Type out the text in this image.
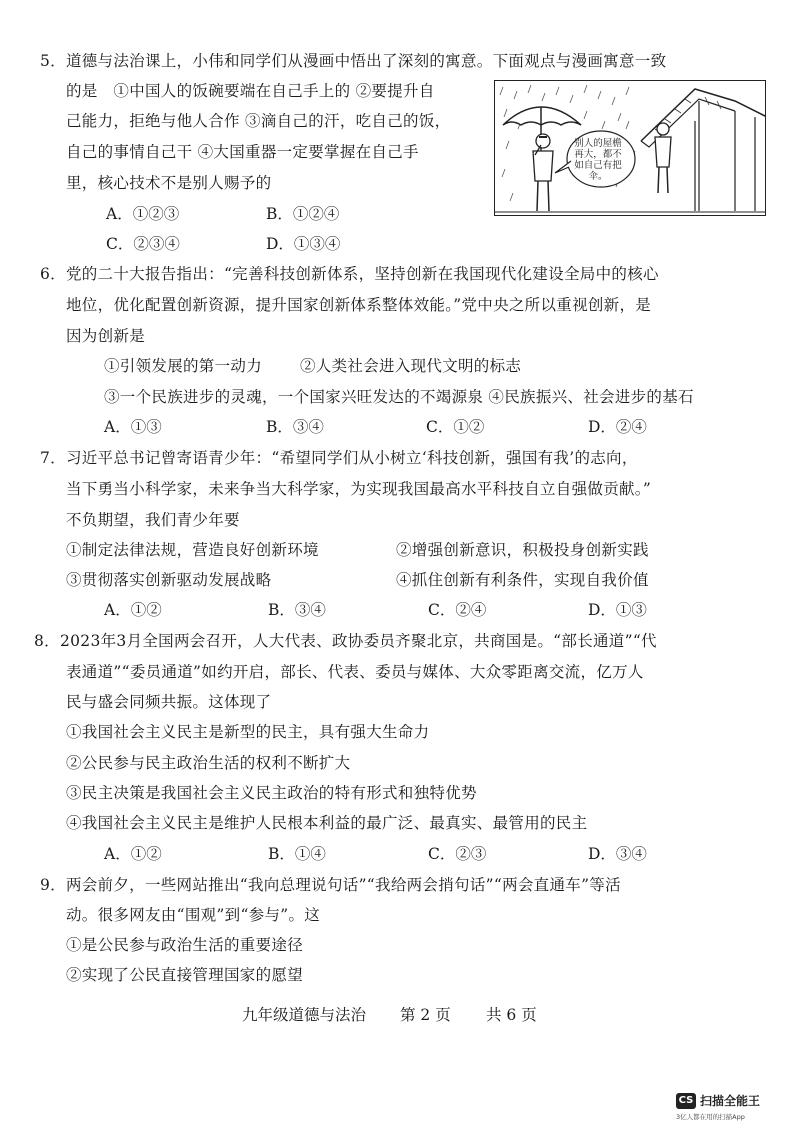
5．道德与法治课上，小伟和同学们从漫画中悟出了深刻的寓意。下面观点与漫画寓意一致
的是　①中国人的饭碗要端在自己手上的 ②要提升自
己能力，拒绝与他人合作 ③滴自己的汗，吃自己的饭，
自己的事情自己干 ④大国重器一定要掌握在自己手
里，核心技术不是别人赐予的
A．①②③	B．①②④
C．②③④	D．①③④
别人的屋檐再大，都不如自己有把伞。
6．党的二十大报告指出：“完善科技创新体系，坚持创新在我国现代化建设全局中的核心
地位，优化配置创新资源，提升国家创新体系整体效能。”党中央之所以重视创新，是
因为创新是
①引领发展的第一动力 ②人类社会进入现代文明的标志
③一个民族进步的灵魂，一个国家兴旺发达的不竭源泉 ④民族振兴、社会进步的基石
A．①③	B．③④	C．①②	D．②④
7．习近平总书记曾寄语青少年：“希望同学们从小树立‘科技创新，强国有我’的志向，
当下勇当小科学家，未来争当大科学家，为实现我国最高水平科技自立自强做贡献。”
不负期望，我们青少年要
①制定法律法规，营造良好创新环境	②增强创新意识，积极投身创新实践
③贯彻落实创新驱动发展战略	④抓住创新有利条件，实现自我价值
A．①②	B．③④	C．②④	D．①③
8．2023年3月全国两会召开，人大代表、政协委员齐聚北京，共商国是。“部长通道”“代
表通道”“委员通道”如约开启，部长、代表、委员与媒体、大众零距离交流，亿万人
民与盛会同频共振。这体现了
①我国社会主义民主是新型的民主，具有强大生命力
②公民参与民主政治生活的权利不断扩大
③民主决策是我国社会主义民主政治的特有形式和独特优势
④我国社会主义民主是维护人民根本利益的最广泛、最真实、最管用的民主
A．①②	B．①④	C．②③	D．③④
9．两会前夕，一些网站推出“我向总理说句话”“我给两会捎句话”“两会直通车”等活
动。很多网友由“围观”到“参与”。这
①是公民参与政治生活的重要途径
②实现了公民直接管理国家的愿望
九年级道德与法治 第 2 页 共 6 页
CS 扫描全能王
3亿人都在用的扫描App
